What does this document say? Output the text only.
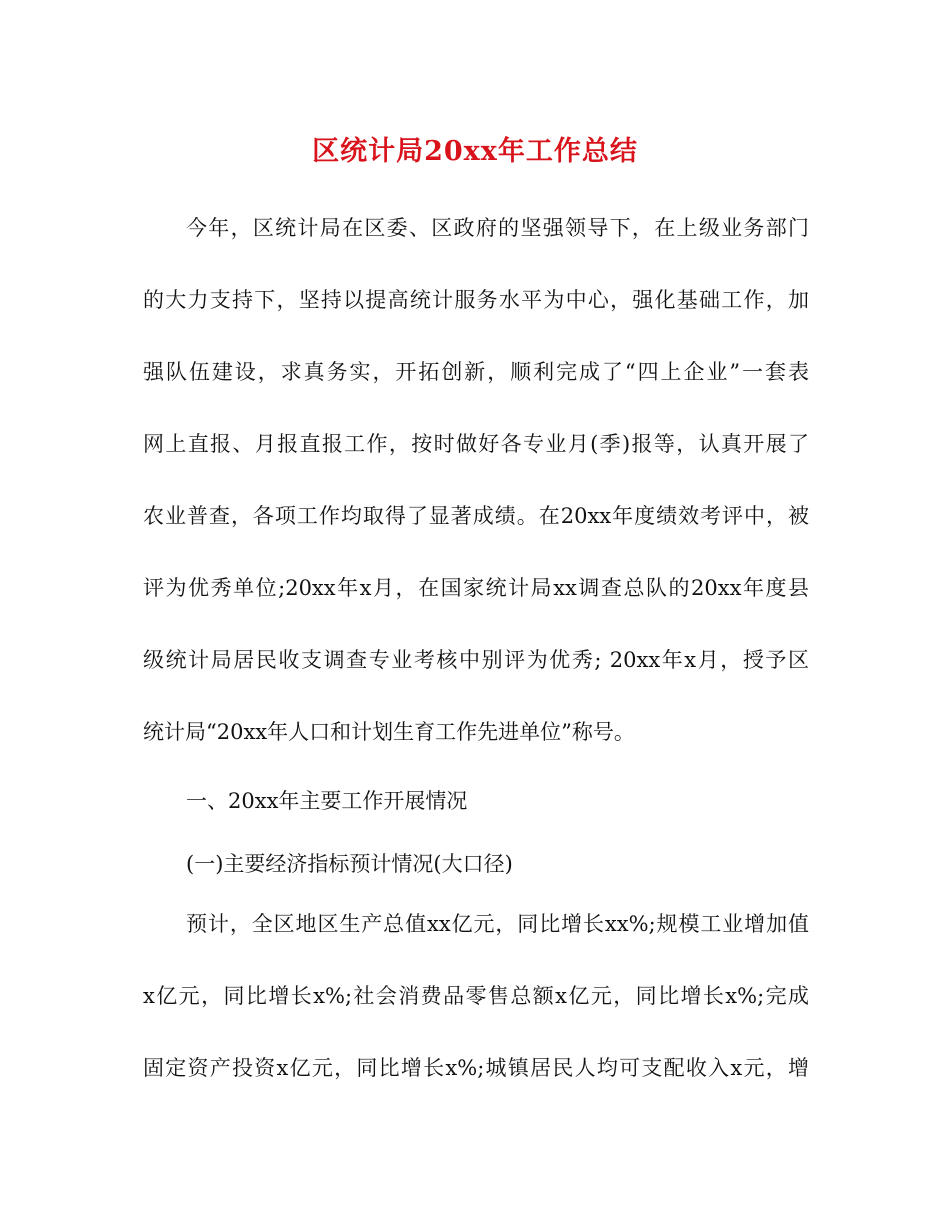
区统计局20xx年工作总结
今年，区统计局在区委、区政府的坚强领导下，在上级业务部门
的大力支持下，坚持以提高统计服务水平为中心，强化基础工作，加
强队伍建设，求真务实，开拓创新，顺利完成了“四上企业”一套表
网上直报、月报直报工作，按时做好各专业月(季)报等，认真开展了
农业普查，各项工作均取得了显著成绩。在20xx年度绩效考评中，被
评为优秀单位;20xx年x月，在国家统计局xx调查总队的20xx年度县
级统计局居民收支调查专业考核中别评为优秀; 20xx年x月，授予区
统计局“20xx年人口和计划生育工作先进单位”称号。
一、20xx年主要工作开展情况
(一)主要经济指标预计情况(大口径)
预计，全区地区生产总值xx亿元，同比增长xx%;规模工业增加值
x亿元，同比增长x%;社会消费品零售总额x亿元，同比增长x%;完成
固定资产投资x亿元，同比增长x%;城镇居民人均可支配收入x元，增
